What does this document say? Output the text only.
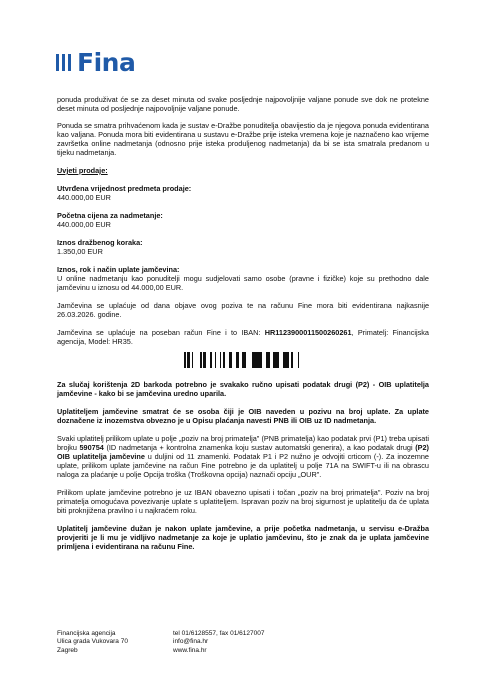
Fina

ponuda produživat će se za deset minuta od svake posljednje najpovoljnije valjane ponude sve dok ne protekne deset minuta od posljednje najpovoljnije valjane ponude.

Ponuda se smatra prihvaćenom kada je sustav e-Dražbe ponuditelja obavijestio da je njegova ponuda evidentirana kao valjana. Ponuda mora biti evidentirana u sustavu e-Dražbe prije isteka vremena koje je naznačeno kao vrijeme završetka online nadmetanja (odnosno prije isteka produljenog nadmetanja) da bi se ista smatrala predanom u tijeku nadmetanja.

Uvjeti prodaje:

Utvrđena vrijednost predmeta prodaje:

440.000,00 EUR

Početna cijena za nadmetanje:

440.000,00 EUR

Iznos dražbenog koraka:

1.350,00 EUR

Iznos, rok i način uplate jamčevina:

U online nadmetanju kao ponuditelji mogu sudjelovati samo osobe (pravne i fizičke) koje su prethodno dale jamčevinu u iznosu od 44.000,00 EUR.

Jamčevina se uplaćuje od dana objave ovog poziva te na računu Fine mora biti evidentirana najkasnije 26.03.2026. godine.

Jamčevina se uplaćuje na poseban račun Fine i to IBAN: HR1123900011500260261, Primatelj: Financijska agencija, Model: HR35.

Za slučaj korištenja 2D barkoda potrebno je svakako ručno upisati podatak drugi (P2) - OIB uplatitelja jamčevine - kako bi se jamčevina uredno uparila.

Uplatiteljem jamčevine smatrat će se osoba čiji je OIB naveden u pozivu na broj uplate. Za uplate doznačene iz inozemstva obvezno je u Opisu plaćanja navesti PNB ili OIB uz ID nadmetanja.

Svaki uplatitelj prilikom uplate u polje „poziv na broj primatelja" (PNB primatelja) kao podatak prvi (P1) treba upisati brojku 590754 (ID nadmetanja + kontrolna znamenka koju sustav automatski generira), a kao podatak drugi (P2) OIB uplatitelja jamčevine u duljini od 11 znamenki. Podatak P1 i P2 nužno je odvojiti crticom (-). Za inozemne uplate, prilikom uplate jamčevine na račun Fine potrebno je da uplatitelj u polje 71A na SWIFT-u ili na obrascu naloga za plaćanje u polje Opcija troška (Troškovna opcija) naznači opciju „OUR".

Prilikom uplate jamčevine potrebno je uz IBAN obavezno upisati i točan „poziv na broj primatelja". Poziv na broj primatelja omogućava povezivanje uplate s uplatiteljem. Ispravan poziv na broj sigurnost je uplatitelju da će uplata biti proknjižena pravilno i u najkraćem roku.

Uplatitelj jamčevine dužan je nakon uplate jamčevine, a prije početka nadmetanja, u servisu e-Dražba provjeriti je li mu je vidljivo nadmetanje za koje je uplatio jamčevinu, što je znak da je uplata jamčevine primljena i evidentirana na računu Fine.

Financijska agencija
Ulica grada Vukovara 70
Zagreb
tel 01/6128557, fax 01/6127007
info@fina.hr
www.fina.hr
